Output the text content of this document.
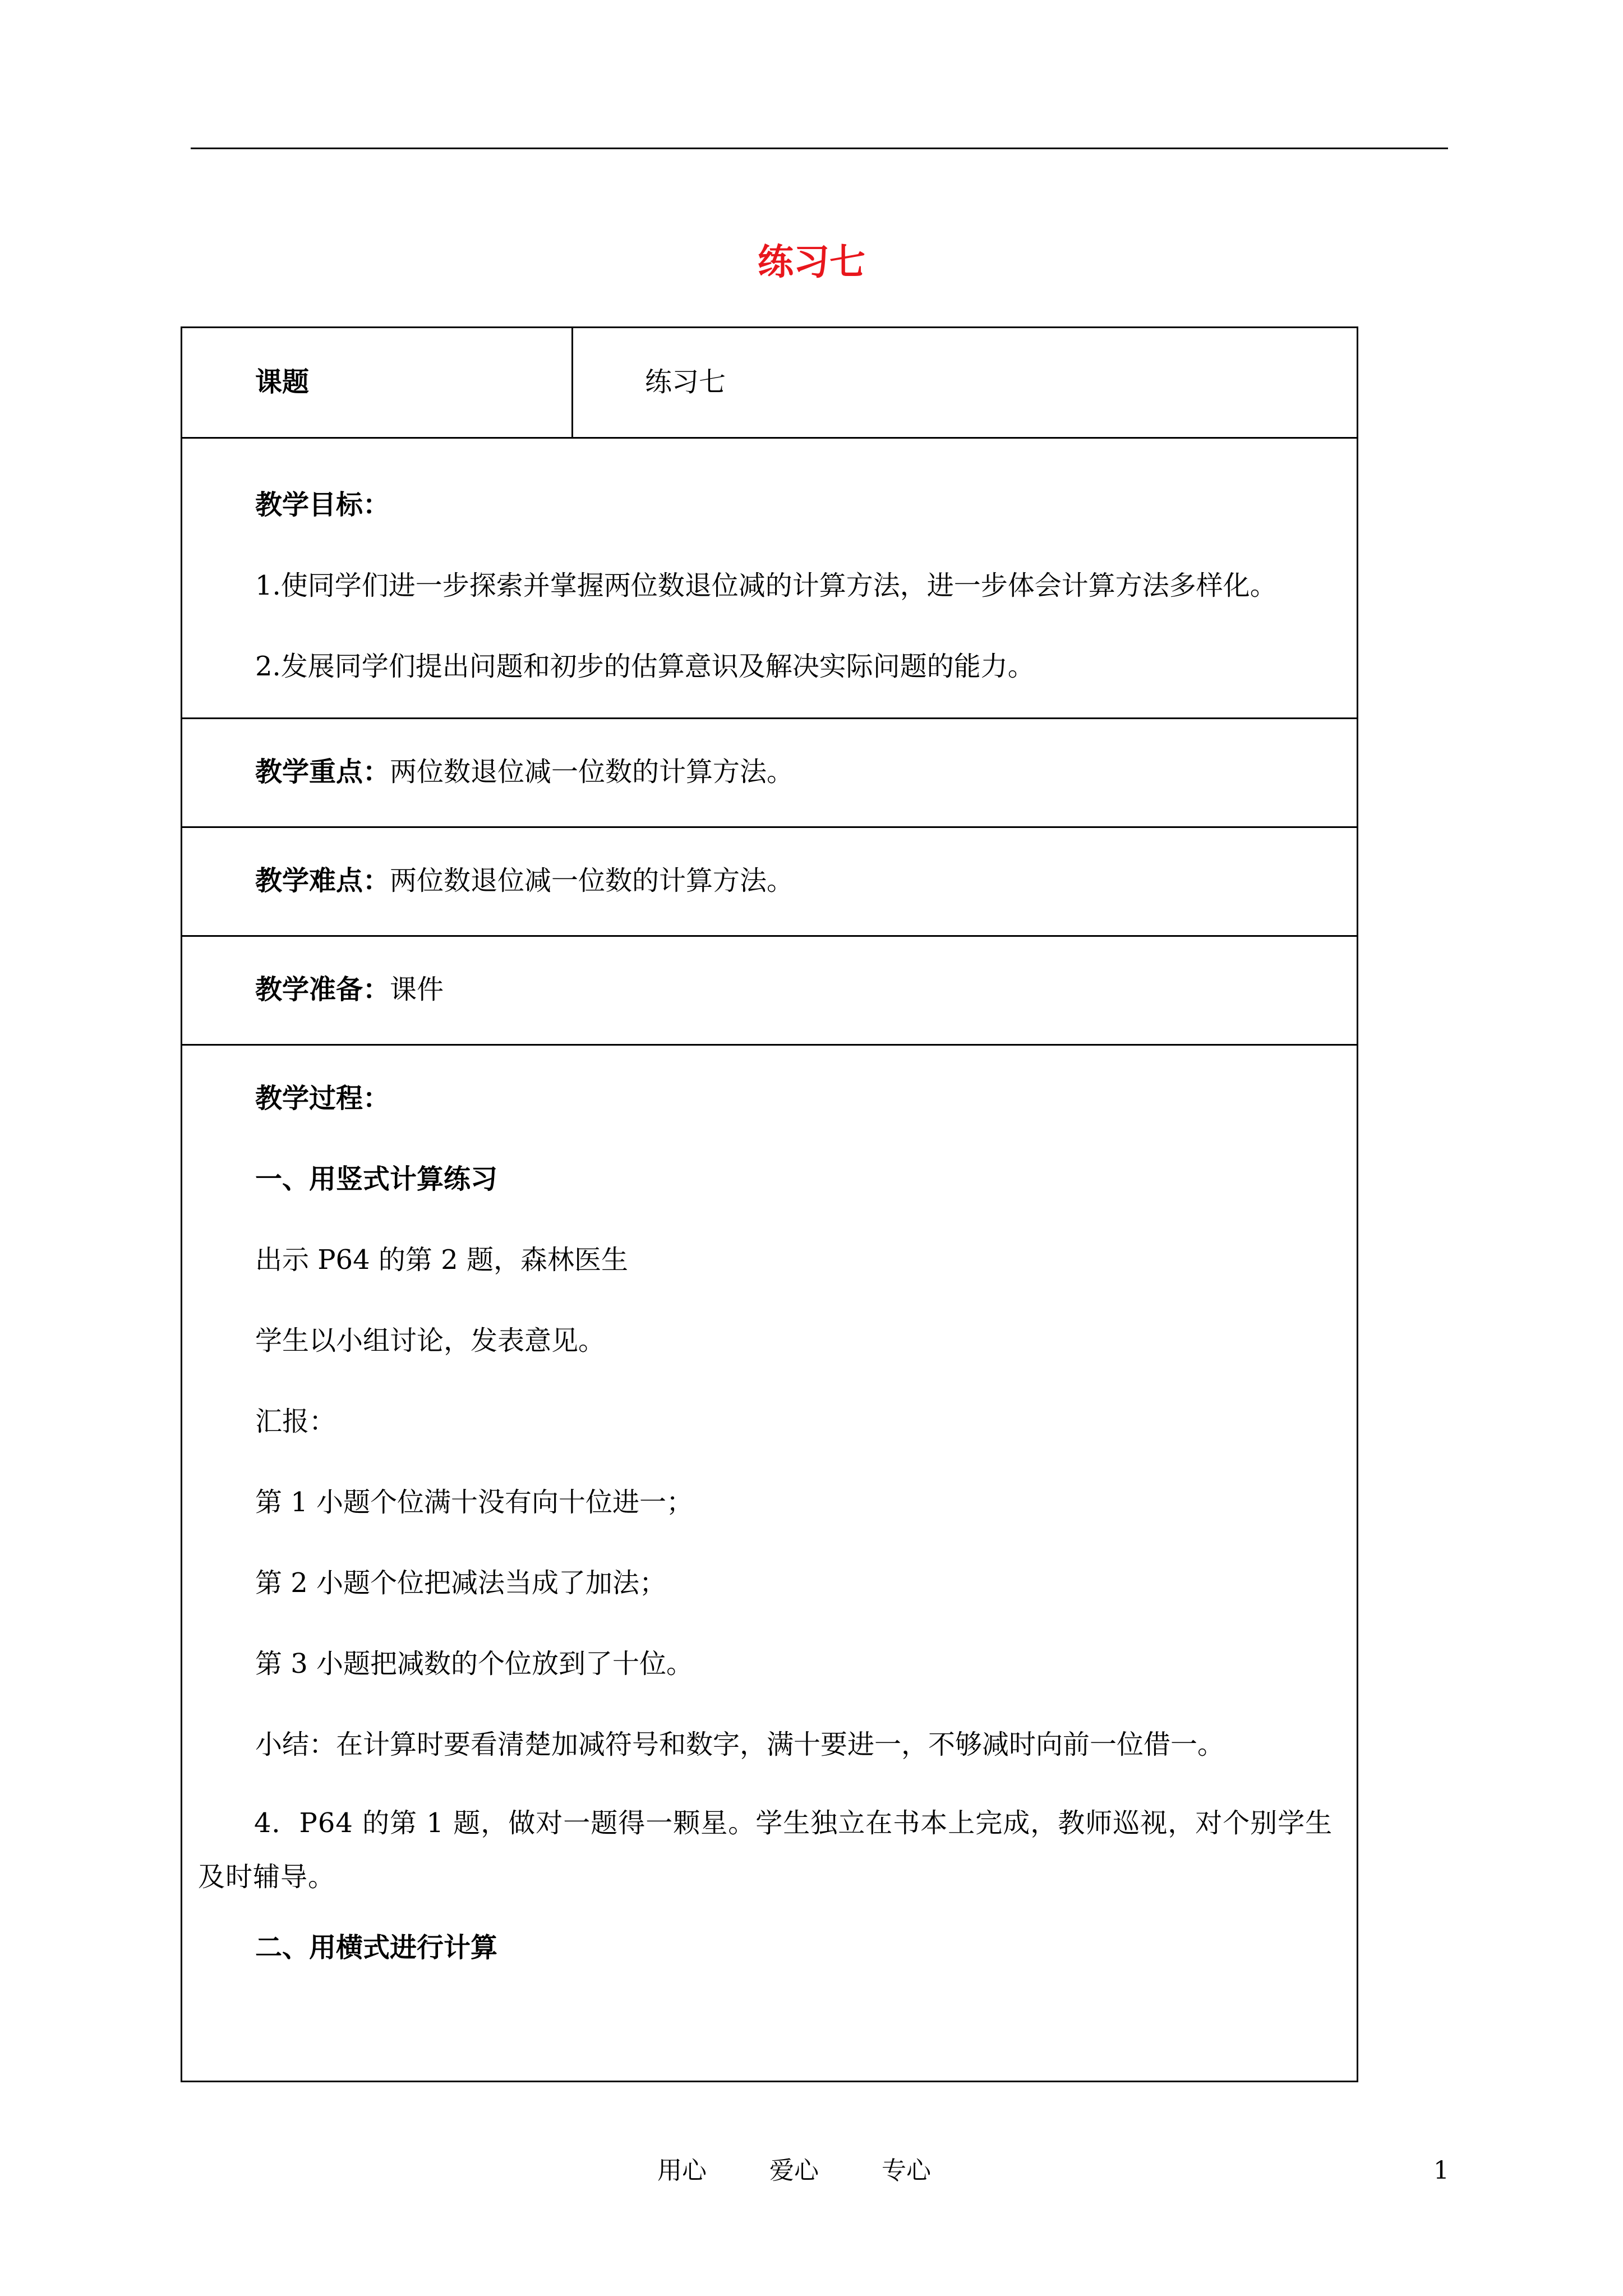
练习七
课题	练习七
教学目标：
1.使同学们进一步探索并掌握两位数退位减的计算方法，进一步体会计算方法多样化。
2.发展同学们提出问题和初步的估算意识及解决实际问题的能力。
教学重点：两位数退位减一位数的计算方法。
教学难点：两位数退位减一位数的计算方法。
教学准备：课件
教学过程：
一、用竖式计算练习
出示 P64 的第 2 题，森林医生
学生以小组讨论，发表意见。
汇报：
第 1 小题个位满十没有向十位进一；
第 2 小题个位把减法当成了加法；
第 3 小题把减数的个位放到了十位。
小结：在计算时要看清楚加减符号和数字，满十要进一，不够减时向前一位借一。
4．P64 的第 1 题，做对一题得一颗星。学生独立在书本上完成，教师巡视，对个别学生及时辅导。
二、用横式进行计算
用心	爱心	专心	1
